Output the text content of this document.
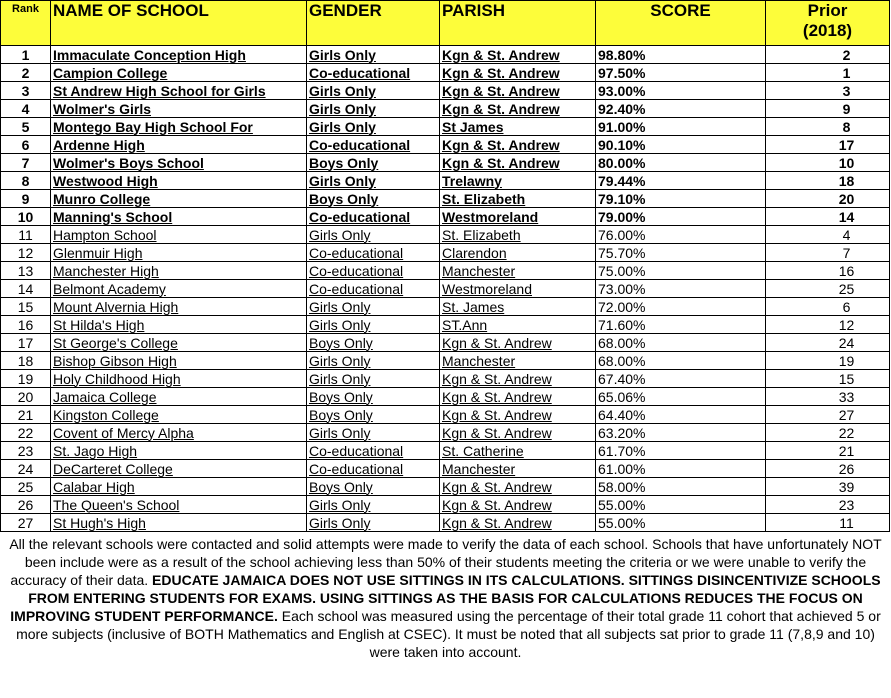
Rank	NAME OF SCHOOL	GENDER	PARISH	SCORE	Prior
(2018)
1	Immaculate Conception High	Girls Only	Kgn & St. Andrew	98.80%	2
2	Campion College	Co-educational	Kgn & St. Andrew	97.50%	1
3	St Andrew High School for Girls	Girls Only	Kgn & St. Andrew	93.00%	3
4	Wolmer's Girls	Girls Only	Kgn & St. Andrew	92.40%	9
5	Montego Bay High School For	Girls Only	St James	91.00%	8
6	Ardenne High	Co-educational	Kgn & St. Andrew	90.10%	17
7	Wolmer's Boys School	Boys Only	Kgn & St. Andrew	80.00%	10
8	Westwood High	Girls Only	Trelawny	79.44%	18
9	Munro College	Boys Only	St. Elizabeth	79.10%	20
10	Manning's School	Co-educational	Westmoreland	79.00%	14
11	Hampton School	Girls Only	St. Elizabeth	76.00%	4
12	Glenmuir High	Co-educational	Clarendon	75.70%	7
13	Manchester High	Co-educational	Manchester	75.00%	16
14	Belmont Academy	Co-educational	Westmoreland	73.00%	25
15	Mount Alvernia High	Girls Only	St. James	72.00%	6
16	St Hilda's High	Girls Only	ST.Ann	71.60%	12
17	St George's College	Boys Only	Kgn & St. Andrew	68.00%	24
18	Bishop Gibson High	Girls Only	Manchester	68.00%	19
19	Holy Childhood High	Girls Only	Kgn & St. Andrew	67.40%	15
20	Jamaica College	Boys Only	Kgn & St. Andrew	65.06%	33
21	Kingston College	Boys Only	Kgn & St. Andrew	64.40%	27
22	Covent of Mercy Alpha	Girls Only	Kgn & St. Andrew	63.20%	22
23	St. Jago High	Co-educational	St. Catherine	61.70%	21
24	DeCarteret College	Co-educational	Manchester	61.00%	26
25	Calabar High	Boys Only	Kgn & St. Andrew	58.00%	39
26	The Queen's School	Girls Only	Kgn & St. Andrew	55.00%	23
27	St Hugh's High	Girls Only	Kgn & St. Andrew	55.00%	11
All the relevant schools were contacted and solid attempts were made to verify the data of each school. Schools that have unfortunately NOT been include were as a result of the school achieving less than 50% of their students meeting the criteria or we were unable to verify the accuracy of their data. EDUCATE JAMAICA DOES NOT USE SITTINGS IN ITS CALCULATIONS. SITTINGS DISINCENTIVIZE SCHOOLS FROM ENTERING STUDENTS FOR EXAMS. USING SITTINGS AS THE BASIS FOR CALCULATIONS REDUCES THE FOCUS ON IMPROVING STUDENT PERFORMANCE. Each school was measured using the percentage of their total grade 11 cohort that achieved 5 or more subjects (inclusive of BOTH Mathematics and English at CSEC). It must be noted that all subjects sat prior to grade 11 (7,8,9 and 10) were taken into account.
